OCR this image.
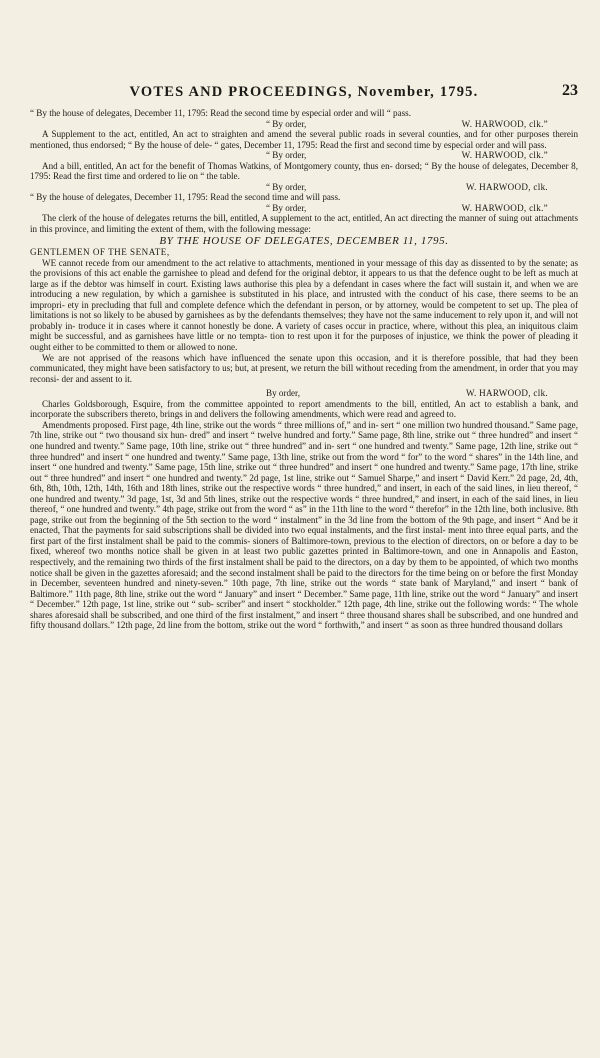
VOTES AND PROCEEDINGS, November, 1795.	23

“ By the house of delegates, December 11, 1795: Read the second time by especial order and will “ pass.

“ By order,	W. HARWOOD, clk.”

A Supplement to the act, entitled, An act to straighten and amend the several public roads in several counties, and for other purposes therein mentioned, thus endorsed; “ By the house of dele- “ gates, December 11, 1795: Read the first and second time by especial order and will pass.

“ By order,	W. HARWOOD, clk.”

And a bill, entitled, An act for the benefit of Thomas Watkins, of Montgomery county, thus en- dorsed; “ By the house of delegates, December 8, 1795: Read the first time and ordered to lie on “ the table.

“ By order,	W. HARWOOD, clk.

“ By the house of delegates, December 11, 1795: Read the second time and will pass.

“ By order,	W. HARWOOD, clk.”

The clerk of the house of delegates returns the bill, entitled, A supplement to the act, entitled, An act directing the manner of suing out attachments in this province, and limiting the extent of them, with the following message:

BY THE HOUSE OF DELEGATES, DECEMBER 11, 1795.

GENTLEMEN OF THE SENATE,

WE cannot recede from our amendment to the act relative to attachments, mentioned in your message of this day as dissented to by the senate; as the provisions of this act enable the garnishee to plead and defend for the original debtor, it appears to us that the defence ought to be left as much at large as if the debtor was himself in court. Existing laws authorise this plea by a defendant in cases where the fact will sustain it, and when we are introducing a new regulation, by which a garnishee is substituted in his place, and intrusted with the conduct of his case, there seems to be an impropri- ety in precluding that full and complete defence which the defendant in person, or by attorney, would be competent to set up. The plea of limitations is not so likely to be abused by garnishees as by the defendants themselves; they have not the same inducement to rely upon it, and will not probably in- troduce it in cases where it cannot honestly be done. A variety of cases occur in practice, where, without this plea, an iniquitous claim might be successful, and as garnishees have little or no tempta- tion to rest upon it for the purposes of injustice, we think the power of pleading it ought either to be committed to them or allowed to none.

We are not apprised of the reasons which have influenced the senate upon this occasion, and it is therefore possible, that had they been communicated, they might have been satisfactory to us; but, at present, we return the bill without receding from the amendment, in order that you may reconsi- der and assent to it.

By order,	W. HARWOOD, clk.

Charles Goldsborough, Esquire, from the committee appointed to report amendments to the bill, entitled, An act to establish a bank, and incorporate the subscribers thereto, brings in and delivers the following amendments, which were read and agreed to.

Amendments proposed. First page, 4th line, strike out the words “ three millions of,” and in- sert “ one million two hundred thousand.” Same page, 7th line, strike out “ two thousand six hun- dred” and insert “ twelve hundred and forty.” Same page, 8th line, strike out “ three hundred” and insert “ one hundred and twenty.” Same page, 10th line, strike out “ three hundred” and in- sert “ one hundred and twenty.” Same page, 12th line, strike out “ three hundred” and insert “ one hundred and twenty.” Same page, 13th line, strike out from the word “ for” to the word “ shares” in the 14th line, and insert “ one hundred and twenty.” Same page, 15th line, strike out “ three hundred” and insert “ one hundred and twenty.” Same page, 17th line, strike out “ three hundred” and insert “ one hundred and twenty.” 2d page, 1st line, strike out “ Samuel Sharpe,” and insert “ David Kerr.” 2d page, 2d, 4th, 6th, 8th, 10th, 12th, 14th, 16th and 18th lines, strike out the respective words “ three hundred,” and insert, in each of the said lines, in lieu thereof, “ one hundred and twenty.” 3d page, 1st, 3d and 5th lines, strike out the respective words “ three hundred,” and insert, in each of the said lines, in lieu thereof, “ one hundred and twenty.” 4th page, strike out from the word “ as” in the 11th line to the word “ therefor” in the 12th line, both inclusive. 8th page, strike out from the beginning of the 5th section to the word “ instalment” in the 3d line from the bottom of the 9th page, and insert “ And be it enacted, That the payments for said subscriptions shall be divided into two equal instalments, and the first instal- ment into three equal parts, and the first part of the first instalment shall be paid to the commis- sioners of Baltimore-town, previous to the election of directors, on or before a day to be fixed, whereof two months notice shall be given in at least two public gazettes printed in Baltimore-town, and one in Annapolis and Easton, respectively, and the remaining two thirds of the first instalment shall be paid to the directors, on a day by them to be appointed, of which two months notice shall be given in the gazettes aforesaid; and the second instalment shall be paid to the directors for the time being on or before the first Monday in December, seventeen hundred and ninety-seven.” 10th page, 7th line, strike out the words “ state bank of Maryland,” and insert “ bank of Baltimore.” 11th page, 8th line, strike out the word “ January” and insert “ December.” Same page, 11th line, strike out the word “ January” and insert “ December.” 12th page, 1st line, strike out “ sub- scriber” and insert “ stockholder.” 12th page, 4th line, strike out the following words: “ The whole shares aforesaid shall be subscribed, and one third of the first instalment,” and insert “ three thousand shares shall be subscribed, and one hundred and fifty thousand dollars.” 12th page, 2d line from the bottom, strike out the word “ forthwith,” and insert “ as soon as three hundred thousand dollars
